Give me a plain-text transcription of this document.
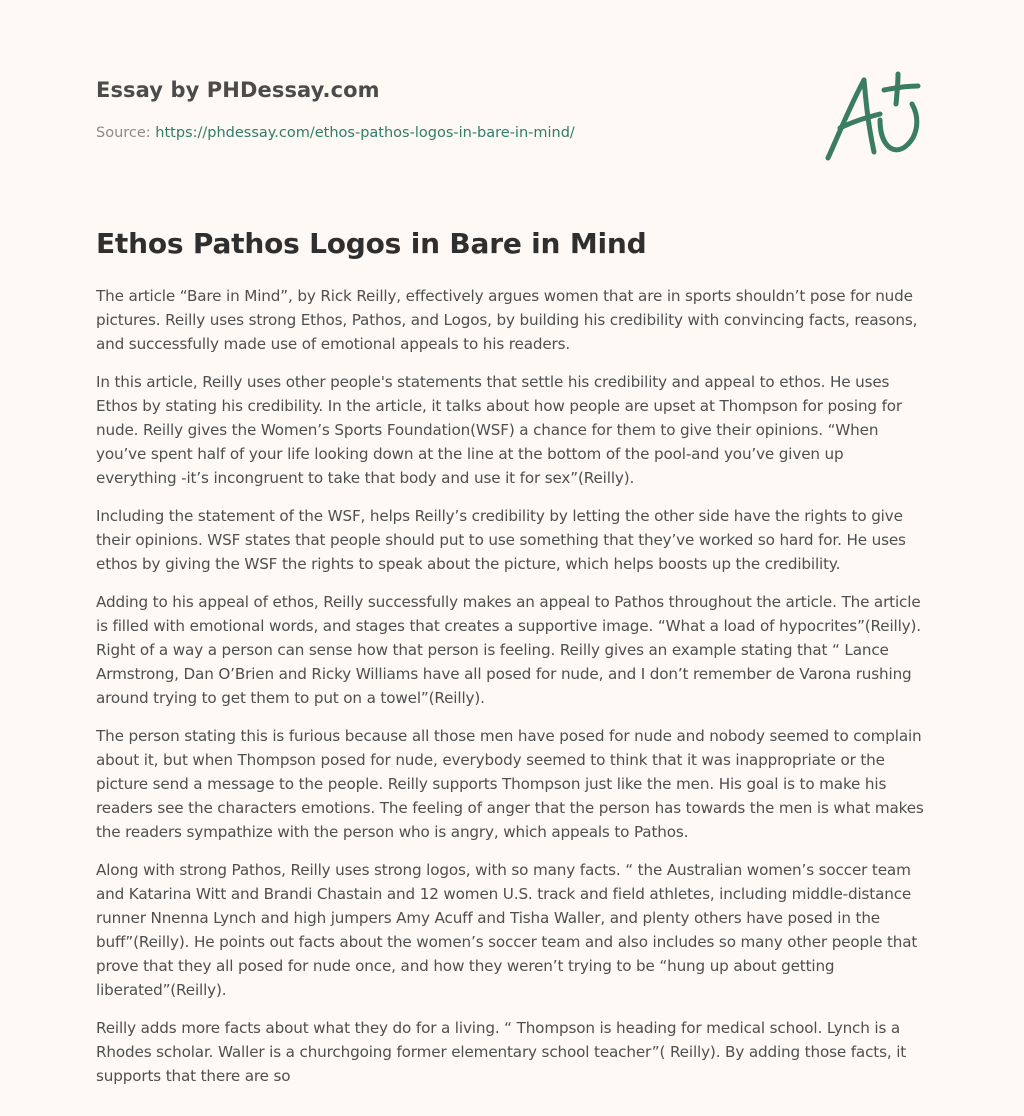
Essay by PHDessay.com
Source: https://phdessay.com/ethos-pathos-logos-in-bare-in-mind/
Ethos Pathos Logos in Bare in Mind

The article “Bare in Mind”, by Rick Reilly, effectively argues women that are in sports shouldn’t pose for nude pictures. Reilly uses strong Ethos, Pathos, and Logos, by building his credibility with convincing facts, reasons, and successfully made use of emotional appeals to his readers.

In this article, Reilly uses other people's statements that settle his credibility and appeal to ethos. He uses Ethos by stating his credibility. In the article, it talks about how people are upset at Thompson for posing for nude. Reilly gives the Women’s Sports Foundation(WSF) a chance for them to give their opinions. “When you’ve spent half of your life looking down at the line at the bottom of the pool-and you’ve given up everything -it’s incongruent to take that body and use it for sex”(Reilly).

Including the statement of the WSF, helps Reilly’s credibility by letting the other side have the rights to give their opinions. WSF states that people should put to use something that they’ve worked so hard for. He uses ethos by giving the WSF the rights to speak about the picture, which helps boosts up the credibility.

Adding to his appeal of ethos, Reilly successfully makes an appeal to Pathos throughout the article. The article is filled with emotional words, and stages that creates a supportive image. “What a load of hypocrites”(Reilly). Right of a way a person can sense how that person is feeling. Reilly gives an example stating that “ Lance Armstrong, Dan O’Brien and Ricky Williams have all posed for nude, and I don’t remember de Varona rushing around trying to get them to put on a towel”(Reilly).

The person stating this is furious because all those men have posed for nude and nobody seemed to complain about it, but when Thompson posed for nude, everybody seemed to think that it was inappropriate or the picture send a message to the people. Reilly supports Thompson just like the men. His goal is to make his readers see the characters emotions. The feeling of anger that the person has towards the men is what makes the readers sympathize with the person who is angry, which appeals to Pathos.

Along with strong Pathos, Reilly uses strong logos, with so many facts. “ the Australian women’s soccer team and Katarina Witt and Brandi Chastain and 12 women U.S. track and field athletes, including middle-distance runner Nnenna Lynch and high jumpers Amy Acuff and Tisha Waller, and plenty others have posed in the buff”(Reilly). He points out facts about the women’s soccer team and also includes so many other people that prove that they all posed for nude once, and how they weren’t trying to be “hung up about getting liberated”(Reilly).

Reilly adds more facts about what they do for a living. “ Thompson is heading for medical school. Lynch is a Rhodes scholar. Waller is a churchgoing former elementary school teacher”( Reilly). By adding those facts, it supports that there are so
